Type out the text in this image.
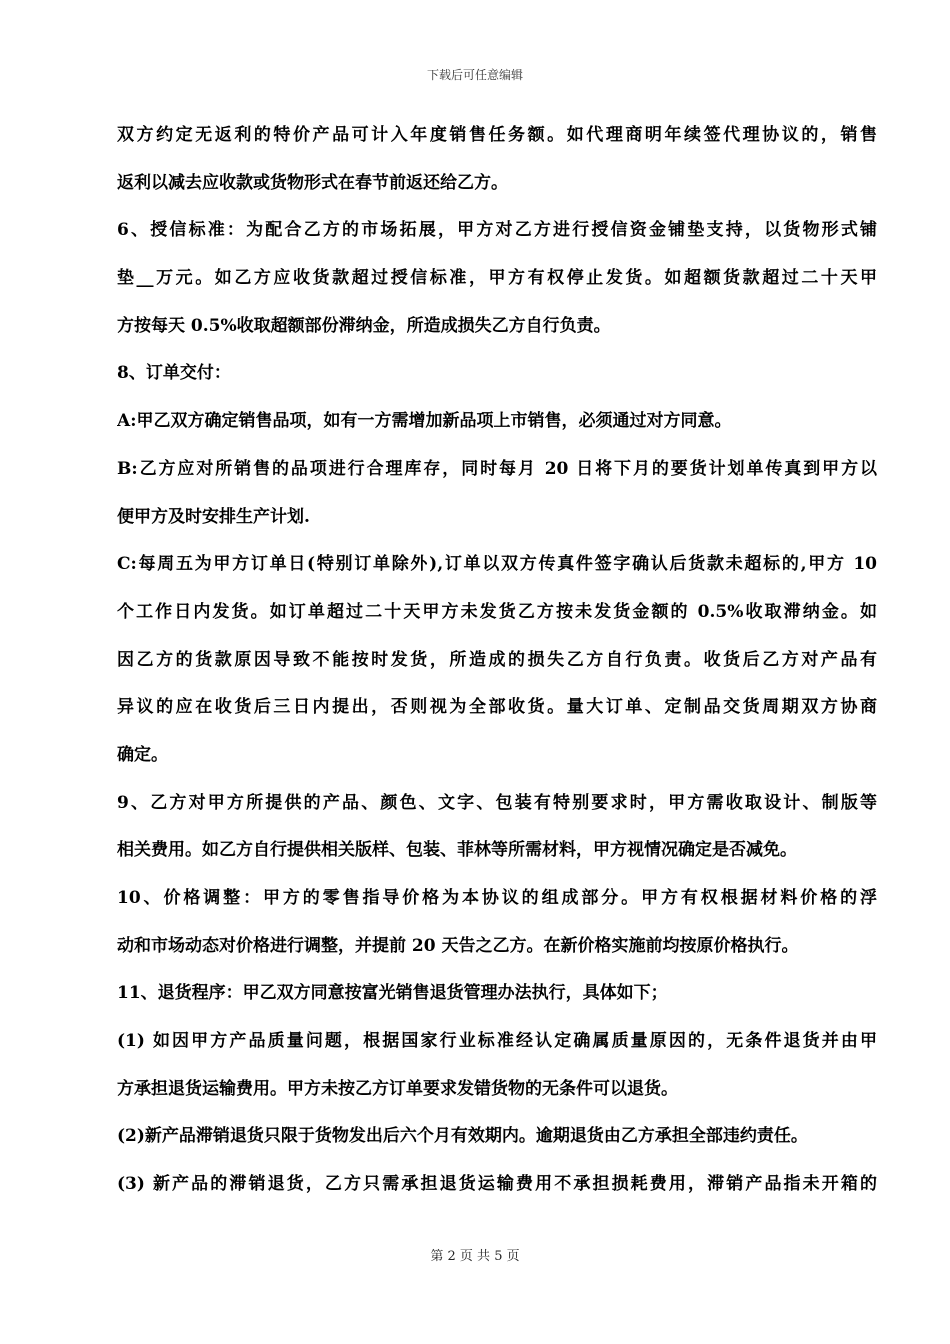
下载后可任意编辑
双方约定无返利的特价产品可计入年度销售任务额。如代理商明年续签代理协议的，销售
返利以减去应收款或货物形式在春节前返还给乙方。
6、授信标准：为配合乙方的市场拓展，甲方对乙方进行授信资金铺垫支持，以货物形式铺
垫__万元。如乙方应收货款超过授信标准，甲方有权停止发货。如超额货款超过二十天甲
方按每天 0.5%收取超额部份滞纳金，所造成损失乙方自行负责。
8、订单交付：
A:甲乙双方确定销售品项，如有一方需增加新品项上市销售，必须通过对方同意。
B:乙方应对所销售的品项进行合理库存，同时每月 20 日将下月的要货计划单传真到甲方以
便甲方及时安排生产计划.
C:每周五为甲方订单日(特别订单除外),订单以双方传真件签字确认后货款未超标的,甲方 10
个工作日内发货。如订单超过二十天甲方未发货乙方按未发货金额的 0.5%收取滞纳金。如
因乙方的货款原因导致不能按时发货，所造成的损失乙方自行负责。收货后乙方对产品有
异议的应在收货后三日内提出，否则视为全部收货。量大订单、定制品交货周期双方协商
确定。
9、乙方对甲方所提供的产品、颜色、文字、包装有特别要求时，甲方需收取设计、制版等
相关费用。如乙方自行提供相关版样、包装、菲林等所需材料，甲方视情况确定是否减免。
10、价格调整：甲方的零售指导价格为本协议的组成部分。甲方有权根据材料价格的浮
动和市场动态对价格进行调整，并提前 20 天告之乙方。在新价格实施前均按原价格执行。
11、退货程序：甲乙双方同意按富光销售退货管理办法执行，具体如下；
(1) 如因甲方产品质量问题，根据国家行业标准经认定确属质量原因的，无条件退货并由甲
方承担退货运输费用。甲方未按乙方订单要求发错货物的无条件可以退货。
(2)新产品滞销退货只限于货物发出后六个月有效期内。逾期退货由乙方承担全部违约责任。
(3) 新产品的滞销退货，乙方只需承担退货运输费用不承担损耗费用，滞销产品指未开箱的
第 2 页 共 5 页
